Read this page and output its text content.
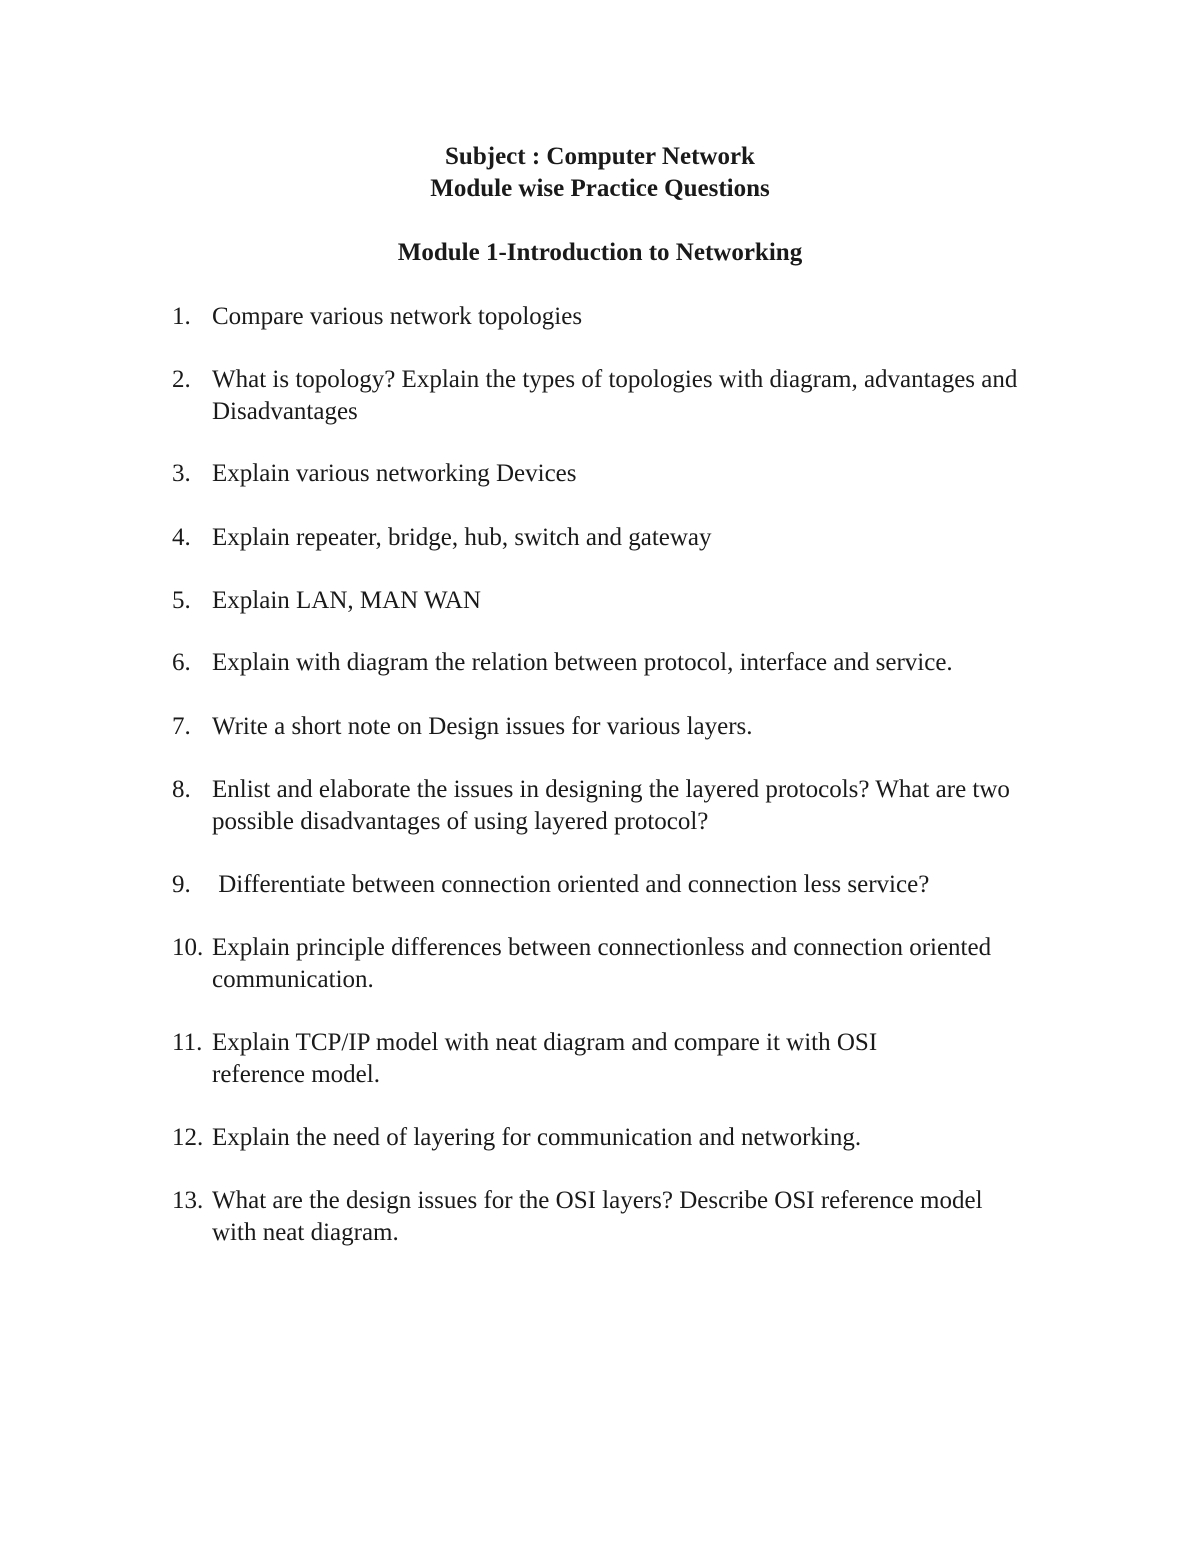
Subject : Computer Network
Module wise Practice Questions
Module 1-Introduction to Networking
1. Compare various network topologies
2. What is topology? Explain the types of topologies with diagram, advantages and Disadvantages
3. Explain various networking Devices
4. Explain repeater, bridge, hub, switch and gateway
5. Explain LAN, MAN WAN
6. Explain with diagram the relation between protocol, interface and service.
7. Write a short note on Design issues for various layers.
8. Enlist and elaborate the issues in designing the layered protocols? What are two possible disadvantages of using layered protocol?
9. Differentiate between connection oriented and connection less service?
10. Explain principle differences between connectionless and connection oriented communication.
11. Explain TCP/IP model with neat diagram and compare it with OSI reference model.
12. Explain the need of layering for communication and networking.
13. What are the design issues for the OSI layers? Describe OSI reference model with neat diagram.
